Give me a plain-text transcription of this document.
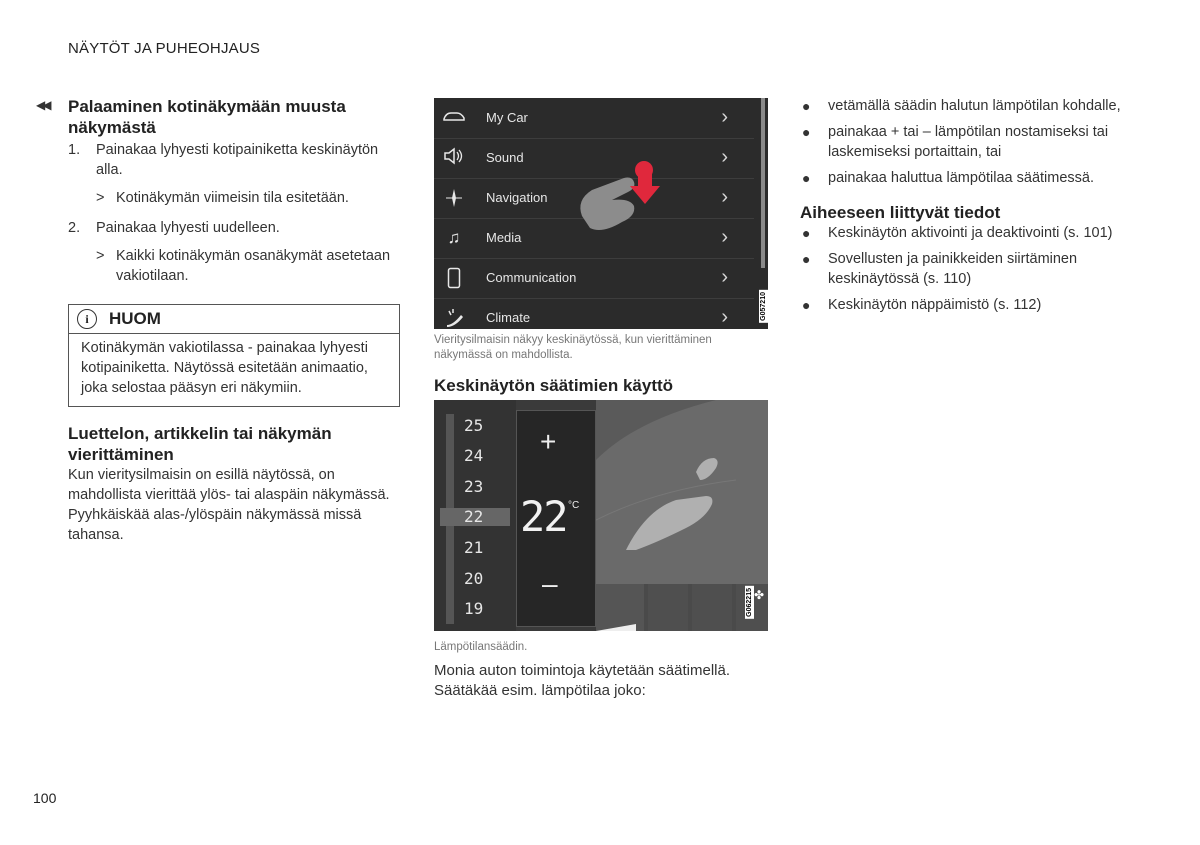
NÄYTÖT JA PUHEOHJAUS
◀◀ Palaaminen kotinäkymään muusta näkymästä
1. Painakaa lyhyesti kotipainiketta keskinäytön alla.
> Kotinäkymän viimeisin tila esitetään.
2. Painakaa lyhyesti uudelleen.
> Kaikki kotinäkymän osanäkymät asetetaan vakiotilaan.
i	HUOM
Kotinäkymän vakiotilassa - painakaa lyhyesti kotipainiketta. Näytössä esitetään animaatio, joka selostaa pääsyn eri näkymiin.
Luettelon, artikkelin tai näkymän vierittäminen

Kun vieritysilmaisin on esillä näytössä, on mahdollista vierittää ylös- tai alaspäin näkymässä. Pyyhkäiskää alas-/ylöspäin näkymässä missä tahansa.

My Car	›
Sound	›
Navigation	›
♫	Media	›
Communication	›
Climate	›	G057210
Vieritysilmaisin näkyy keskinäytössä, kun vierittäminen näkymässä on mahdollista.
Keskinäytön säätimien käyttö
25
24
23
22
21
20
19
+
22 °C
–	✤
G062215
Lämpötilansäädin.

Monia auton toimintoja käytetään säätimellä. Säätäkää esim. lämpötilaa joko:

● vetämällä säädin halutun lämpötilan kohdalle,
● painakaa + tai – lämpötilan nostamiseksi tai laskemiseksi portaittain, tai
● painakaa haluttua lämpötilaa säätimessä.
Aiheeseen liittyvät tiedot
● Keskinäytön aktivointi ja deaktivointi (s. 101)
● Sovellusten ja painikkeiden siirtäminen keskinäytössä (s. 110)
● Keskinäytön näppäimistö (s. 112)
100
